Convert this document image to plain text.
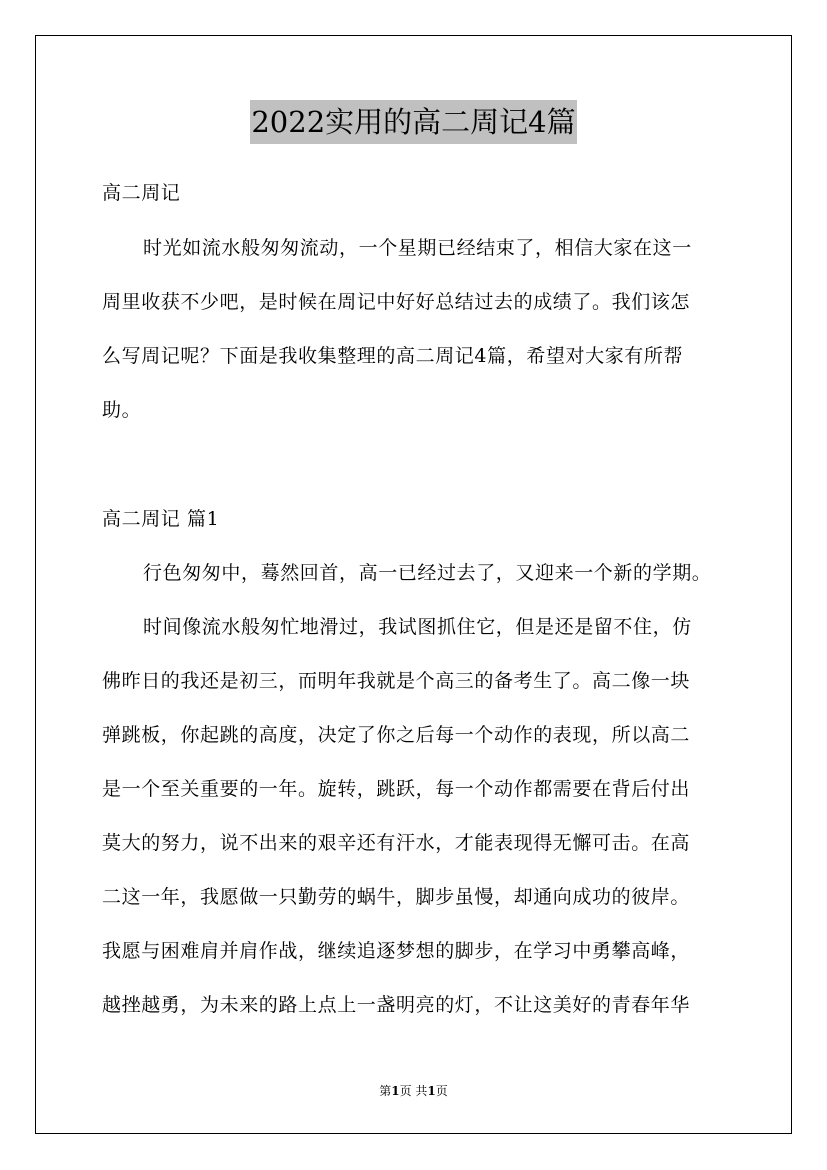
2022实用的高二周记4篇
高二周记
时光如流水般匆匆流动，一个星期已经结束了，相信大家在这一
周里收获不少吧，是时候在周记中好好总结过去的成绩了。我们该怎
么写周记呢？下面是我收集整理的高二周记4篇，希望对大家有所帮
助。
高二周记 篇1
行色匆匆中，蓦然回首，高一已经过去了，又迎来一个新的学期。
时间像流水般匆忙地滑过，我试图抓住它，但是还是留不住，仿
佛昨日的我还是初三，而明年我就是个高三的备考生了。高二像一块
弹跳板，你起跳的高度，决定了你之后每一个动作的表现，所以高二
是一个至关重要的一年。旋转，跳跃，每一个动作都需要在背后付出
莫大的努力，说不出来的艰辛还有汗水，才能表现得无懈可击。在高
二这一年，我愿做一只勤劳的蜗牛，脚步虽慢，却通向成功的彼岸。
我愿与困难肩并肩作战，继续追逐梦想的脚步，在学习中勇攀高峰，
越挫越勇，为未来的路上点上一盏明亮的灯，不让这美好的青春年华
第1页 共1页
